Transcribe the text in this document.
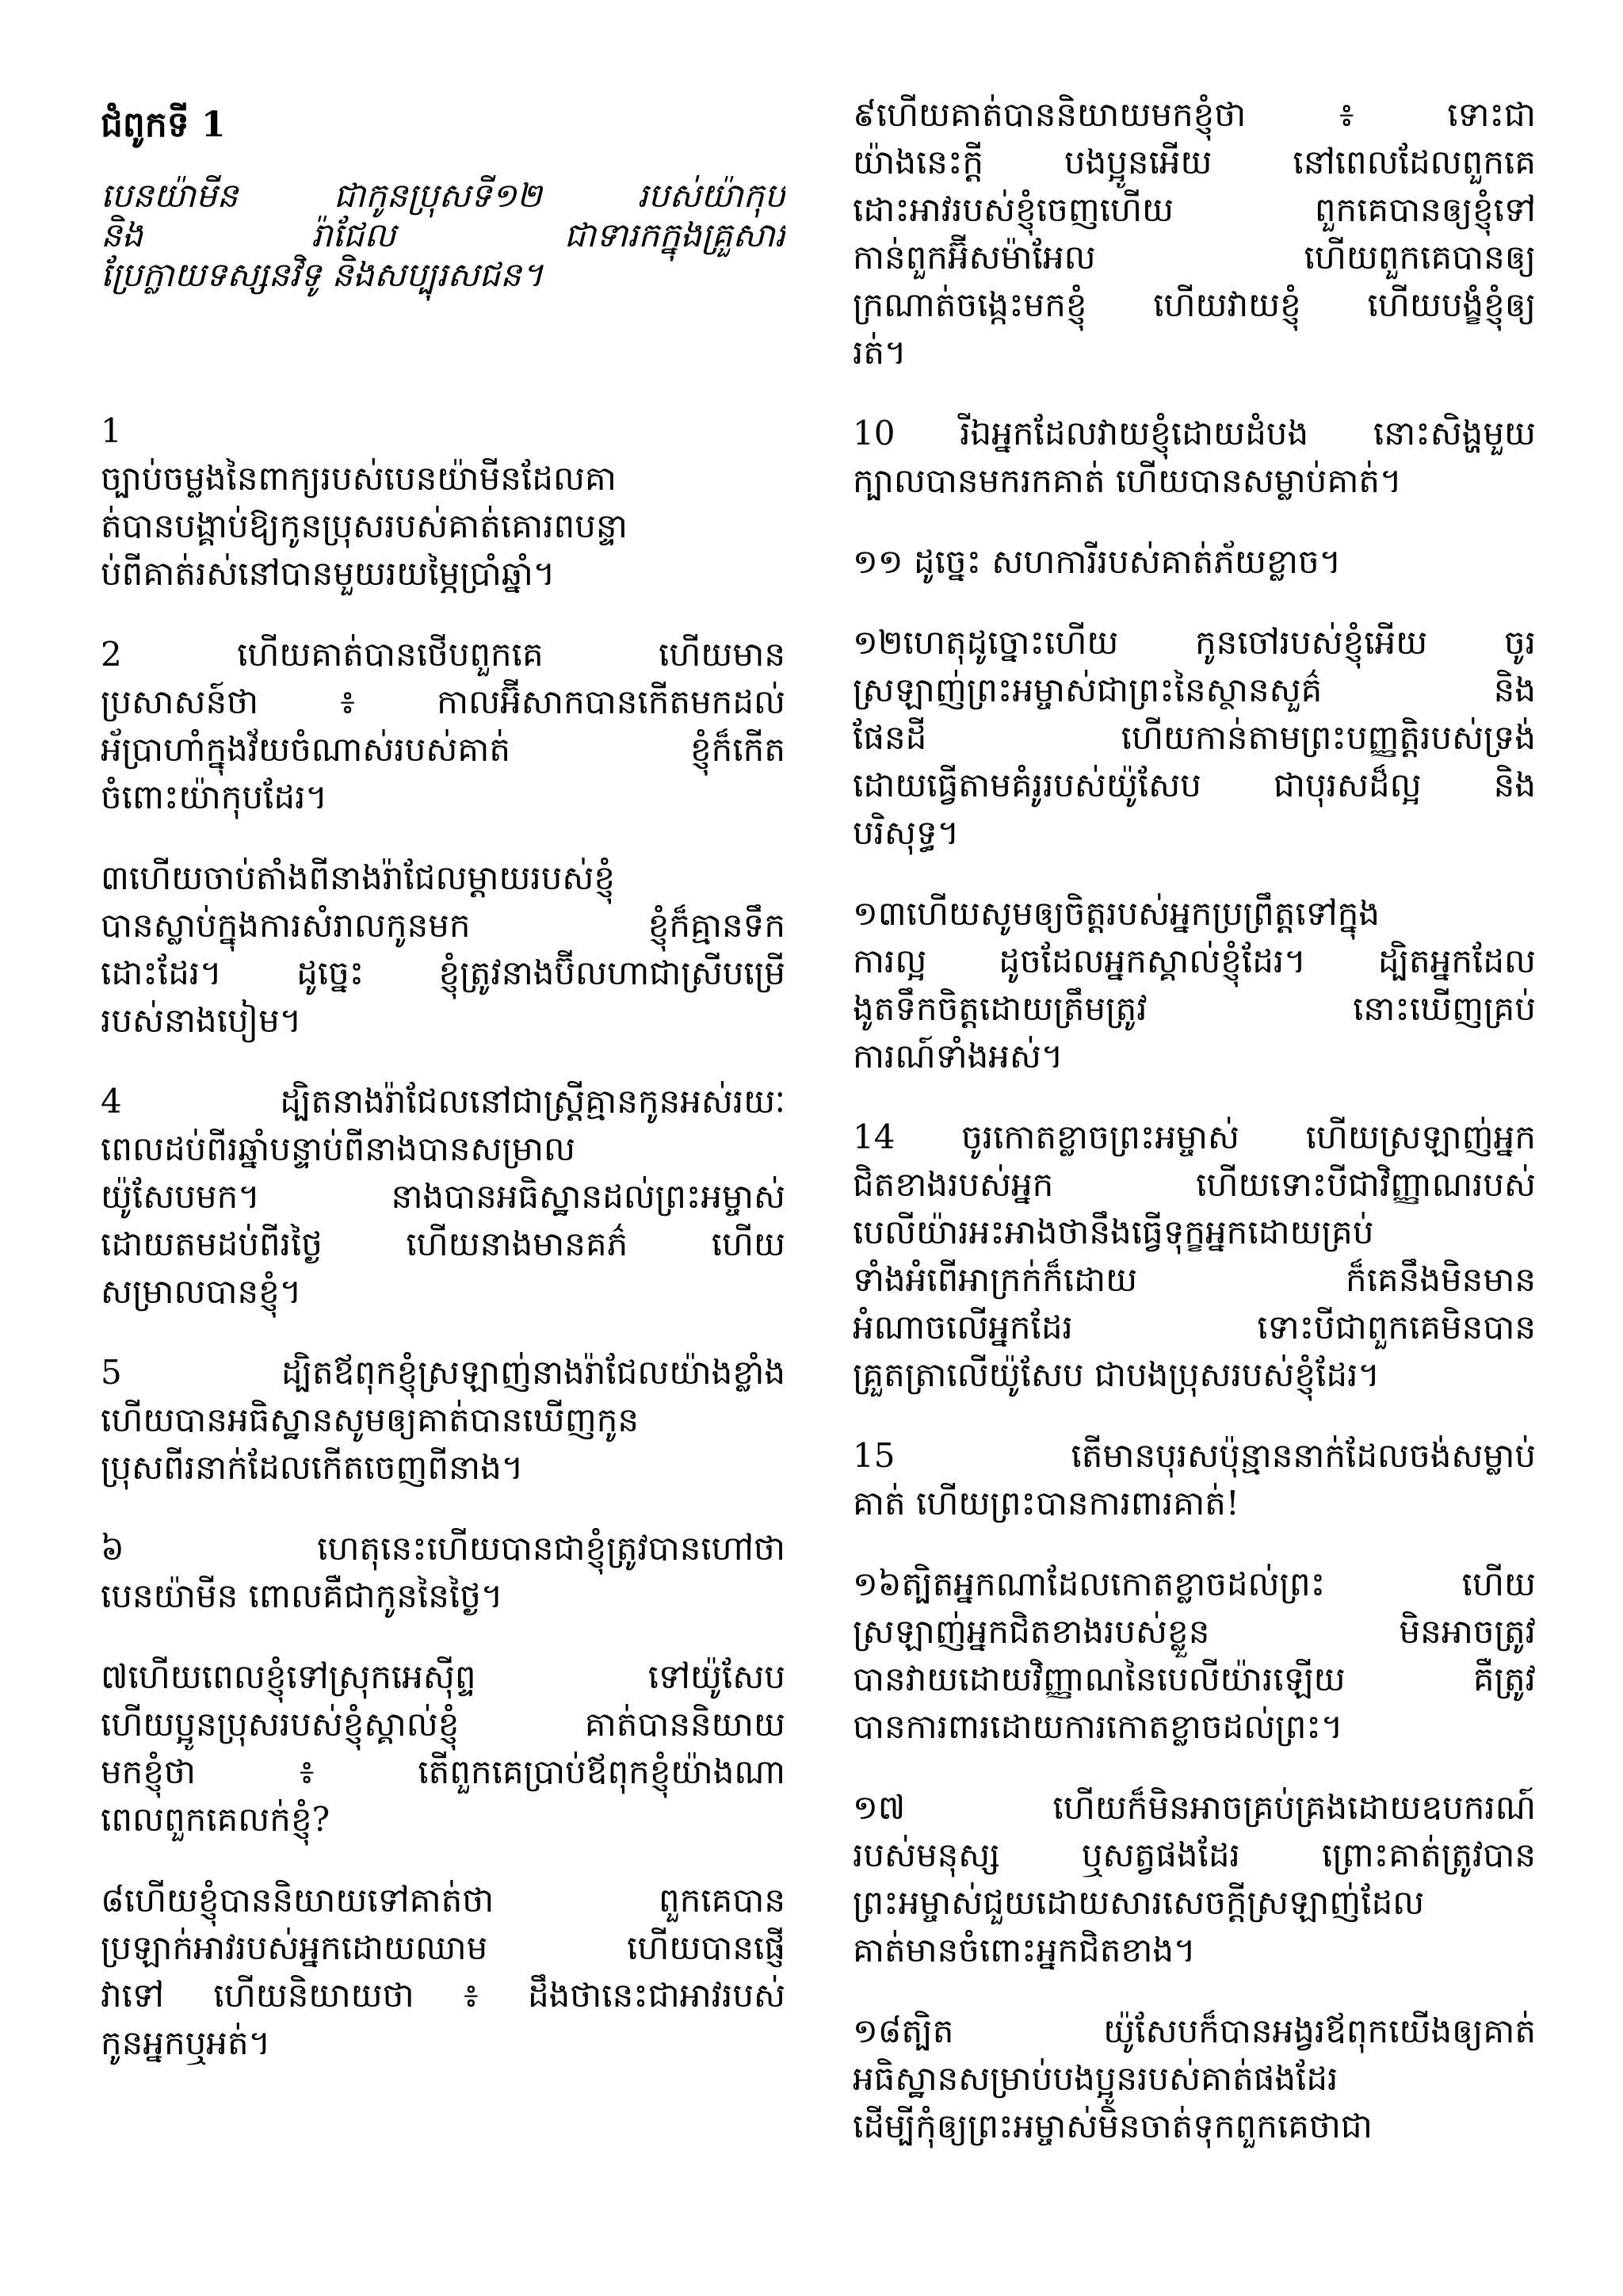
ជំពូកទី 1
បេនយ៉ាមីន ជាកូនប្រុសទី១២ របស់យ៉ាកុប
និង រ៉ាជែល ជាទារកក្នុងគ្រួសារ
ប្រែក្លាយទស្សនវិទូ និងសប្បុរសជន។
1
ច្បាប់ចម្លងនៃពាក្យរបស់បេនយ៉ាមីនដែលគា
ត់បានបង្គាប់ឱ្យកូនប្រុសរបស់គាត់គោរពបន្ទា
ប់ពីគាត់រស់នៅបានមួយរយម្ភៃប្រាំឆ្នាំ។
2 ហើយគាត់បានថើបពួកគេ ហើយមាន
ប្រសាសន៍ថា ៖ កាលអ៊ីសាកបានកើតមកដល់
អ័ប្រាហាំក្នុងវ័យចំណាស់របស់គាត់ ខ្ញុំក៏កើត
ចំពោះយ៉ាកុបដែរ។
៣ហើយចាប់តាំងពីនាងរ៉ាជែលម្ដាយរបស់ខ្ញុំ
បានស្លាប់ក្នុងការសំរាលកូនមក ខ្ញុំក៏គ្មានទឹក
ដោះដែរ។ ដូច្នេះ ខ្ញុំត្រូវនាងប៊ីលហាជាស្រីបម្រើ
របស់នាងបៀម។
4 ដ្បិតនាងរ៉ាជែលនៅជាស្ត្រីគ្មានកូនអស់រយៈ
ពេលដប់ពីរឆ្នាំបន្ទាប់ពីនាងបានសម្រាល
យ៉ូសែបមក។ នាងបានអធិស្ឋានដល់ព្រះអម្ចាស់
ដោយតមដប់ពីរថ្ងៃ ហើយនាងមានគភ៌ ហើយ
សម្រាលបានខ្ញុំ។
5 ដ្បិតឪពុកខ្ញុំស្រឡាញ់នាងរ៉ាជែលយ៉ាងខ្លាំង
ហើយបានអធិស្ឋានសូមឲ្យគាត់បានឃើញកូន
ប្រុសពីរនាក់ដែលកើតចេញពីនាង។
៦ ហេតុនេះហើយបានជាខ្ញុំត្រូវបានហៅថា
បេនយ៉ាមីន ពោលគឺជាកូននៃថ្ងៃ។
៧ហើយពេលខ្ញុំទៅស្រុកអេស៊ីព្ទ ទៅយ៉ូសែប
ហើយប្អូនប្រុសរបស់ខ្ញុំស្គាល់ខ្ញុំ គាត់បាននិយាយ
មកខ្ញុំថា ៖ តើពួកគេប្រាប់ឪពុកខ្ញុំយ៉ាងណា
ពេលពួកគេលក់ខ្ញុំ?
៨ហើយខ្ញុំបាននិយាយទៅគាត់ថា ពួកគេបាន
ប្រឡាក់អាវរបស់អ្នកដោយឈាម ហើយបានផ្ញើ
វាទៅ ហើយនិយាយថា ៖ ដឹងថានេះជាអាវរបស់
កូនអ្នកឬអត់។
៩ហើយគាត់បាននិយាយមកខ្ញុំថា ៖ ទោះជា
យ៉ាងនេះក្តី បងប្អូនអើយ នៅពេលដែលពួកគេ
ដោះអាវរបស់ខ្ញុំចេញហើយ ពួកគេបានឲ្យខ្ញុំទៅ
កាន់ពួកអ៊ីសម៉ាអែល ហើយពួកគេបានឲ្យ
ក្រណាត់ចង្កេះមកខ្ញុំ ហើយវាយខ្ញុំ ហើយបង្ខំខ្ញុំឲ្យ
រត់។
10 រីឯអ្នកដែលវាយខ្ញុំដោយដំបង នោះសិង្ហមួយ
ក្បាលបានមករកគាត់ ហើយបានសម្លាប់គាត់។
១១ ដូច្នេះ សហការីរបស់គាត់ភ័យខ្លាច។
១២ហេតុដូច្នោះហើយ កូនចៅរបស់ខ្ញុំអើយ ចូរ
ស្រឡាញ់ព្រះអម្ចាស់ជាព្រះនៃស្ថានសួគ៌ និង
ផែនដី ហើយកាន់តាមព្រះបញ្ញត្តិរបស់ទ្រង់
ដោយធ្វើតាមគំរូរបស់យ៉ូសែប ជាបុរសដ៏ល្អ និង
បរិសុទ្ធ។
១៣ហើយសូមឲ្យចិត្តរបស់អ្នកប្រព្រឹត្តទៅក្នុង
ការល្អ ដូចដែលអ្នកស្គាល់ខ្ញុំដែរ។ ដ្បិតអ្នកដែល
ងូតទឹកចិត្តដោយត្រឹមត្រូវ នោះឃើញគ្រប់
ការណ៍ទាំងអស់។
14 ចូរកោតខ្លាចព្រះអម្ចាស់ ហើយស្រឡាញ់អ្នក
ជិតខាងរបស់អ្នក ហើយទោះបីជាវិញ្ញាណរបស់
បេលីយ៉ារអះអាងថានឹងធ្វើទុក្ខអ្នកដោយគ្រប់
ទាំងអំពើអាក្រក់ក៏ដោយ ក៏គេនឹងមិនមាន
អំណាចលើអ្នកដែរ ទោះបីជាពួកគេមិនបាន
គ្រួតត្រាលើយ៉ូសែប ជាបងប្រុសរបស់ខ្ញុំដែរ។
15 តើមានបុរសប៉ុន្មាននាក់ដែលចង់សម្លាប់
គាត់ ហើយព្រះបានការពារគាត់!
១៦ត្បិតអ្នកណាដែលកោតខ្លាចដល់ព្រះ ហើយ
ស្រឡាញ់អ្នកជិតខាងរបស់ខ្លួន មិនអាចត្រូវ
បានវាយដោយវិញ្ញាណនៃបេលីយ៉ារឡើយ គឺត្រូវ
បានការពារដោយការកោតខ្លាចដល់ព្រះ។
១៧ ហើយក៏មិនអាចគ្រប់គ្រងដោយឧបករណ៍
របស់មនុស្ស ឬសត្វផងដែរ ព្រោះគាត់ត្រូវបាន
ព្រះអម្ចាស់ជួយដោយសារសេចក្តីស្រឡាញ់ដែល
គាត់មានចំពោះអ្នកជិតខាង។
១៨ត្បិត យ៉ូសែបក៏បានអង្វរឪពុកយើងឲ្យគាត់
អធិស្ឋានសម្រាប់បងប្អូនរបស់គាត់ផងដែរ
ដើម្បីកុំឲ្យព្រះអម្ចាស់មិនចាត់ទុកពួកគេថាជា
